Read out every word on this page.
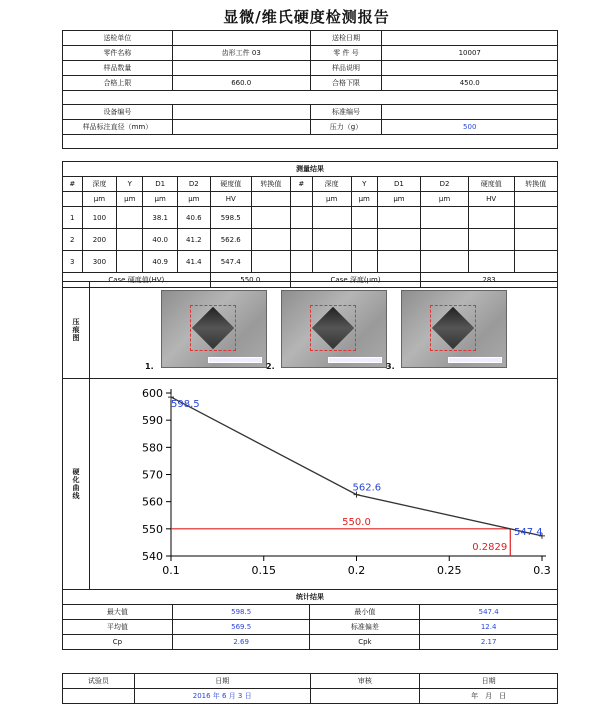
显微/维氏硬度检测报告
送检单位		送检日期	
零件名称	齿形工件 03	零 件 号	10007
样品数量		样品说明	
合格上限	660.0	合格下限	450.0

设备编号		标准编号	
样品标注直径（mm）		压力（g）	500

测量结果													
#	深度	Y	D1	D2	硬度值	转换值	#	深度	Y	D1	D2	硬度值	转换值
	μm	μm	μm	μm	HV			μm	μm	μm	μm	HV	
1	100		38.1	40.6	598.5								
2	200		40.0	41.2	562.6								
3	300		40.9	41.4	547.4								
Case 硬度值(HV)					550.0		Case 深度(μm)				283		
压痕图
1.	2.	3.
硬化曲线
540
550
560
570
580
590
600
0.1	0.15	0.2	0.25	0.3
550.0
0.2829
598.5
562.6
547.4
统计结果			
最大值	598.5	最小值	547.4
平均值	569.5	标准偏差	12.4
Cp	2.69	Cpk	2.17
试验员	日期	审核	日期
	2016 年 6 月 3 日		年　月　日
